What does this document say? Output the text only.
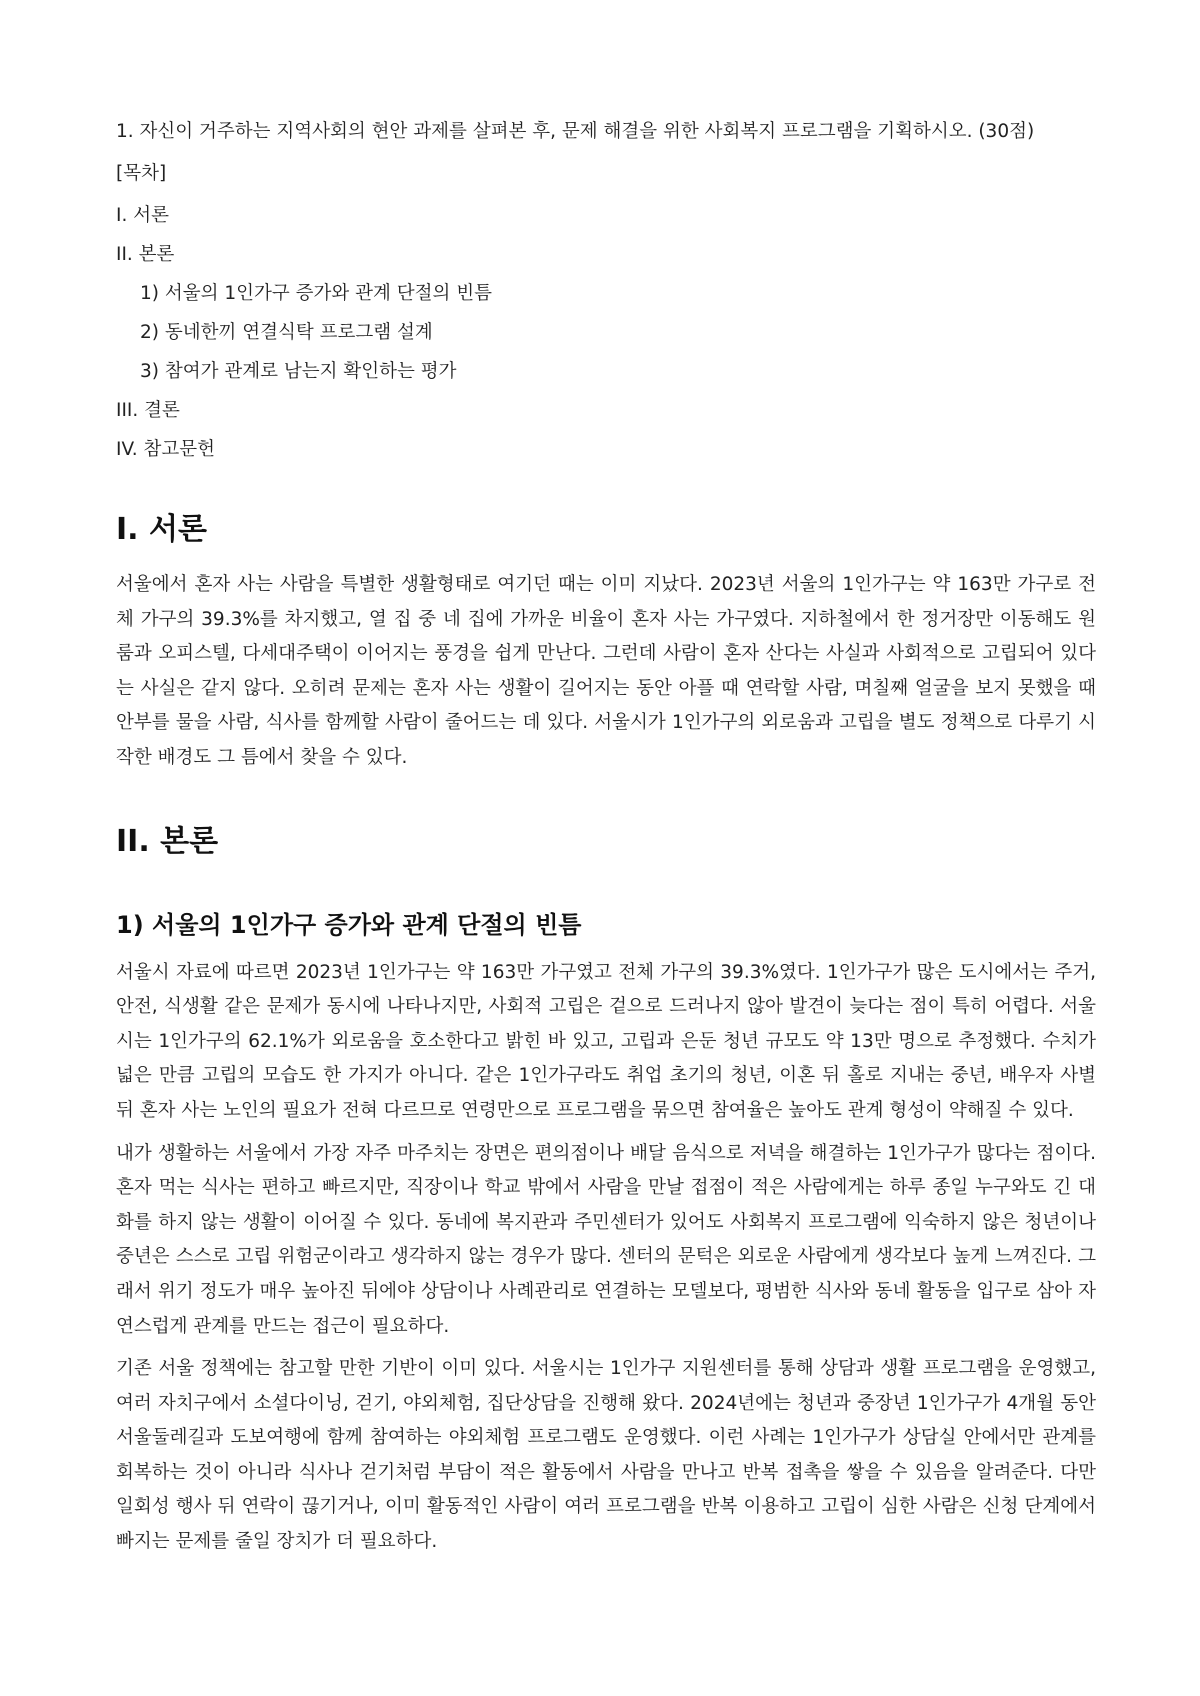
1. 자신이 거주하는 지역사회의 현안 과제를 살펴본 후, 문제 해결을 위한 사회복지 프로그램을 기획하시오. (30점)
[목차]
I. 서론
II. 본론
1) 서울의 1인가구 증가와 관계 단절의 빈틈
2) 동네한끼 연결식탁 프로그램 설계
3) 참여가 관계로 남는지 확인하는 평가
III. 결론
IV. 참고문헌
I. 서론

서울에서 혼자 사는 사람을 특별한 생활형태로 여기던 때는 이미 지났다. 2023년 서울의 1인가구는 약 163만 가구로 전체 가구의 39.3%를 차지했고, 열 집 중 네 집에 가까운 비율이 혼자 사는 가구였다. 지하철에서 한 정거장만 이동해도 원룸과 오피스텔, 다세대주택이 이어지는 풍경을 쉽게 만난다. 그런데 사람이 혼자 산다는 사실과 사회적으로 고립되어 있다는 사실은 같지 않다. 오히려 문제는 혼자 사는 생활이 길어지는 동안 아플 때 연락할 사람, 며칠째 얼굴을 보지 못했을 때 안부를 물을 사람, 식사를 함께할 사람이 줄어드는 데 있다. 서울시가 1인가구의 외로움과 고립을 별도 정책으로 다루기 시작한 배경도 그 틈에서 찾을 수 있다.

II. 본론
1) 서울의 1인가구 증가와 관계 단절의 빈틈

서울시 자료에 따르면 2023년 1인가구는 약 163만 가구였고 전체 가구의 39.3%였다. 1인가구가 많은 도시에서는 주거, 안전, 식생활 같은 문제가 동시에 나타나지만, 사회적 고립은 겉으로 드러나지 않아 발견이 늦다는 점이 특히 어렵다. 서울시는 1인가구의 62.1%가 외로움을 호소한다고 밝힌 바 있고, 고립과 은둔 청년 규모도 약 13만 명으로 추정했다. 수치가 넓은 만큼 고립의 모습도 한 가지가 아니다. 같은 1인가구라도 취업 초기의 청년, 이혼 뒤 홀로 지내는 중년, 배우자 사별 뒤 혼자 사는 노인의 필요가 전혀 다르므로 연령만으로 프로그램을 묶으면 참여율은 높아도 관계 형성이 약해질 수 있다.

내가 생활하는 서울에서 가장 자주 마주치는 장면은 편의점이나 배달 음식으로 저녁을 해결하는 1인가구가 많다는 점이다. 혼자 먹는 식사는 편하고 빠르지만, 직장이나 학교 밖에서 사람을 만날 접점이 적은 사람에게는 하루 종일 누구와도 긴 대화를 하지 않는 생활이 이어질 수 있다. 동네에 복지관과 주민센터가 있어도 사회복지 프로그램에 익숙하지 않은 청년이나 중년은 스스로 고립 위험군이라고 생각하지 않는 경우가 많다. 센터의 문턱은 외로운 사람에게 생각보다 높게 느껴진다. 그래서 위기 정도가 매우 높아진 뒤에야 상담이나 사례관리로 연결하는 모델보다, 평범한 식사와 동네 활동을 입구로 삼아 자연스럽게 관계를 만드는 접근이 필요하다.

기존 서울 정책에는 참고할 만한 기반이 이미 있다. 서울시는 1인가구 지원센터를 통해 상담과 생활 프로그램을 운영했고, 여러 자치구에서 소셜다이닝, 걷기, 야외체험, 집단상담을 진행해 왔다. 2024년에는 청년과 중장년 1인가구가 4개월 동안 서울둘레길과 도보여행에 함께 참여하는 야외체험 프로그램도 운영했다. 이런 사례는 1인가구가 상담실 안에서만 관계를 회복하는 것이 아니라 식사나 걷기처럼 부담이 적은 활동에서 사람을 만나고 반복 접촉을 쌓을 수 있음을 알려준다. 다만 일회성 행사 뒤 연락이 끊기거나, 이미 활동적인 사람이 여러 프로그램을 반복 이용하고 고립이 심한 사람은 신청 단계에서 빠지는 문제를 줄일 장치가 더 필요하다.
